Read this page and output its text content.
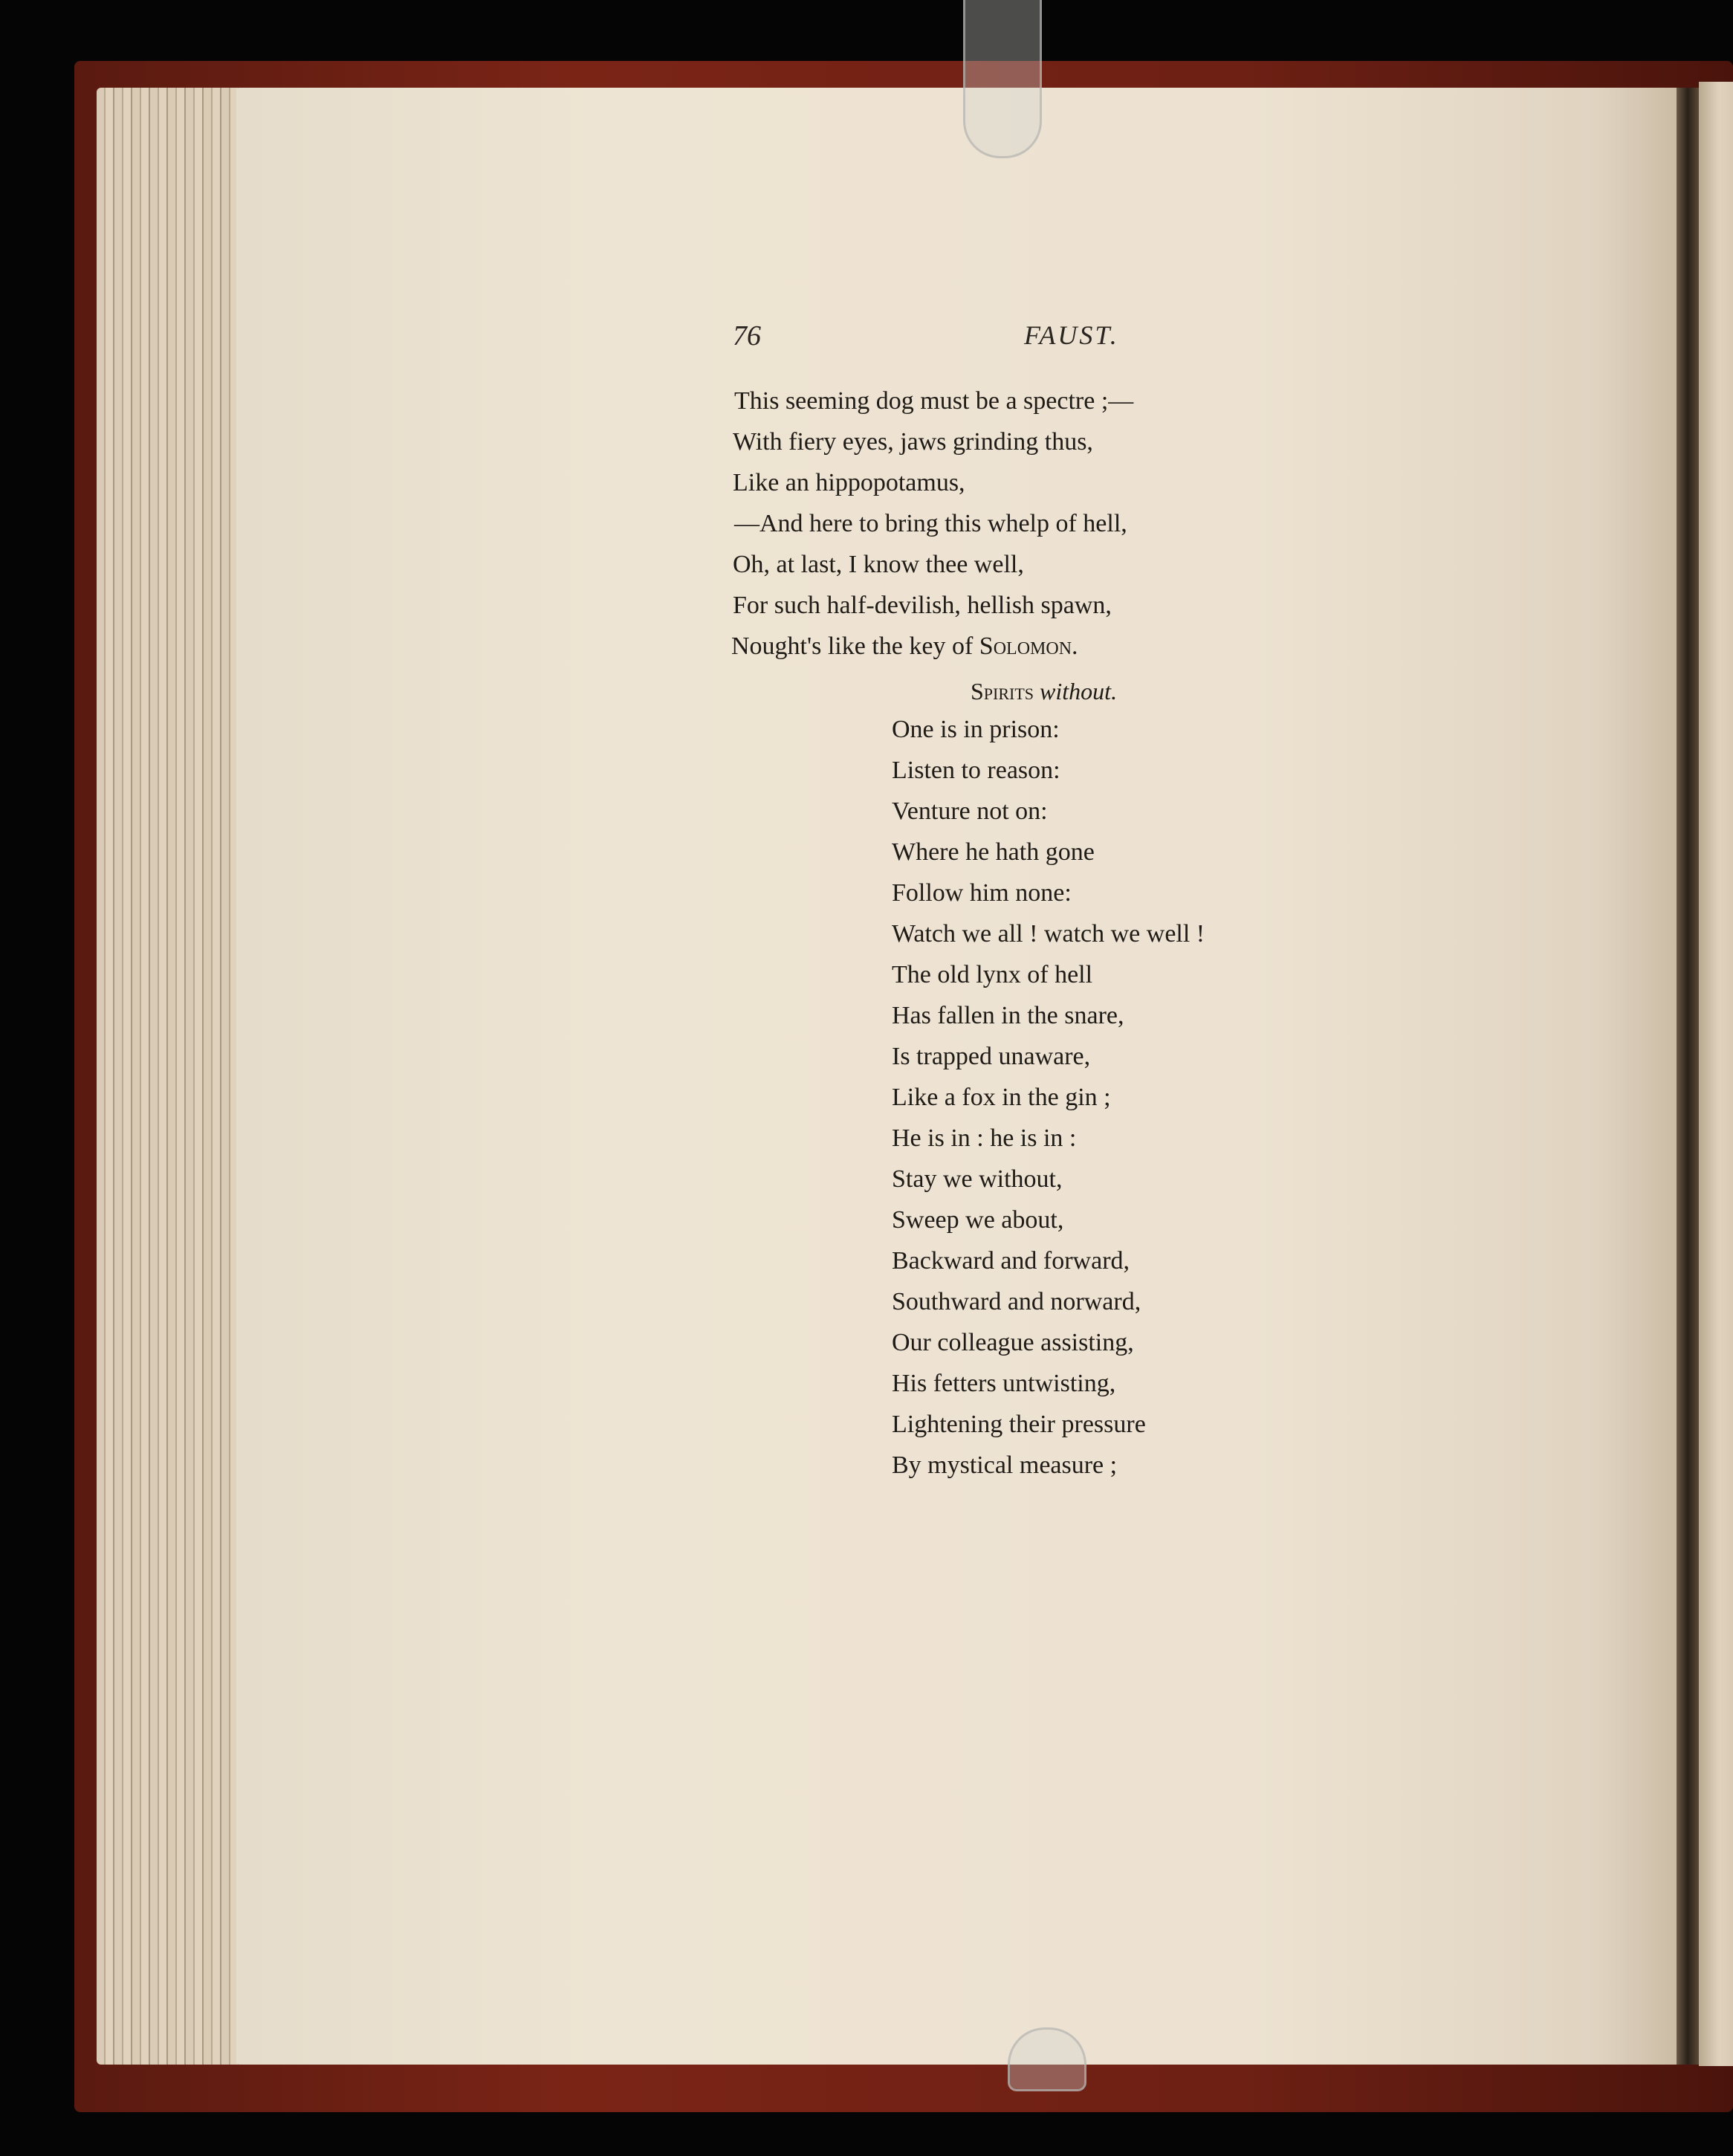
76	FAUST.
This seeming dog must be a spectre ;—
With fiery eyes, jaws grinding thus,
Like an hippopotamus,
—And here to bring this whelp of hell,
Oh, at last, I know thee well,
For such half-devilish, hellish spawn,
Nought's like the key of Solomon.
Spirits without.
One is in prison:
Listen to reason:
Venture not on:
Where he hath gone
Follow him none:
Watch we all ! watch we well !
The old lynx of hell
Has fallen in the snare,
Is trapped unaware,
Like a fox in the gin ;
He is in : he is in :
Stay we without,
Sweep we about,
Backward and forward,
Southward and norward,
Our colleague assisting,
His fetters untwisting,
Lightening their pressure
By mystical measure ;
